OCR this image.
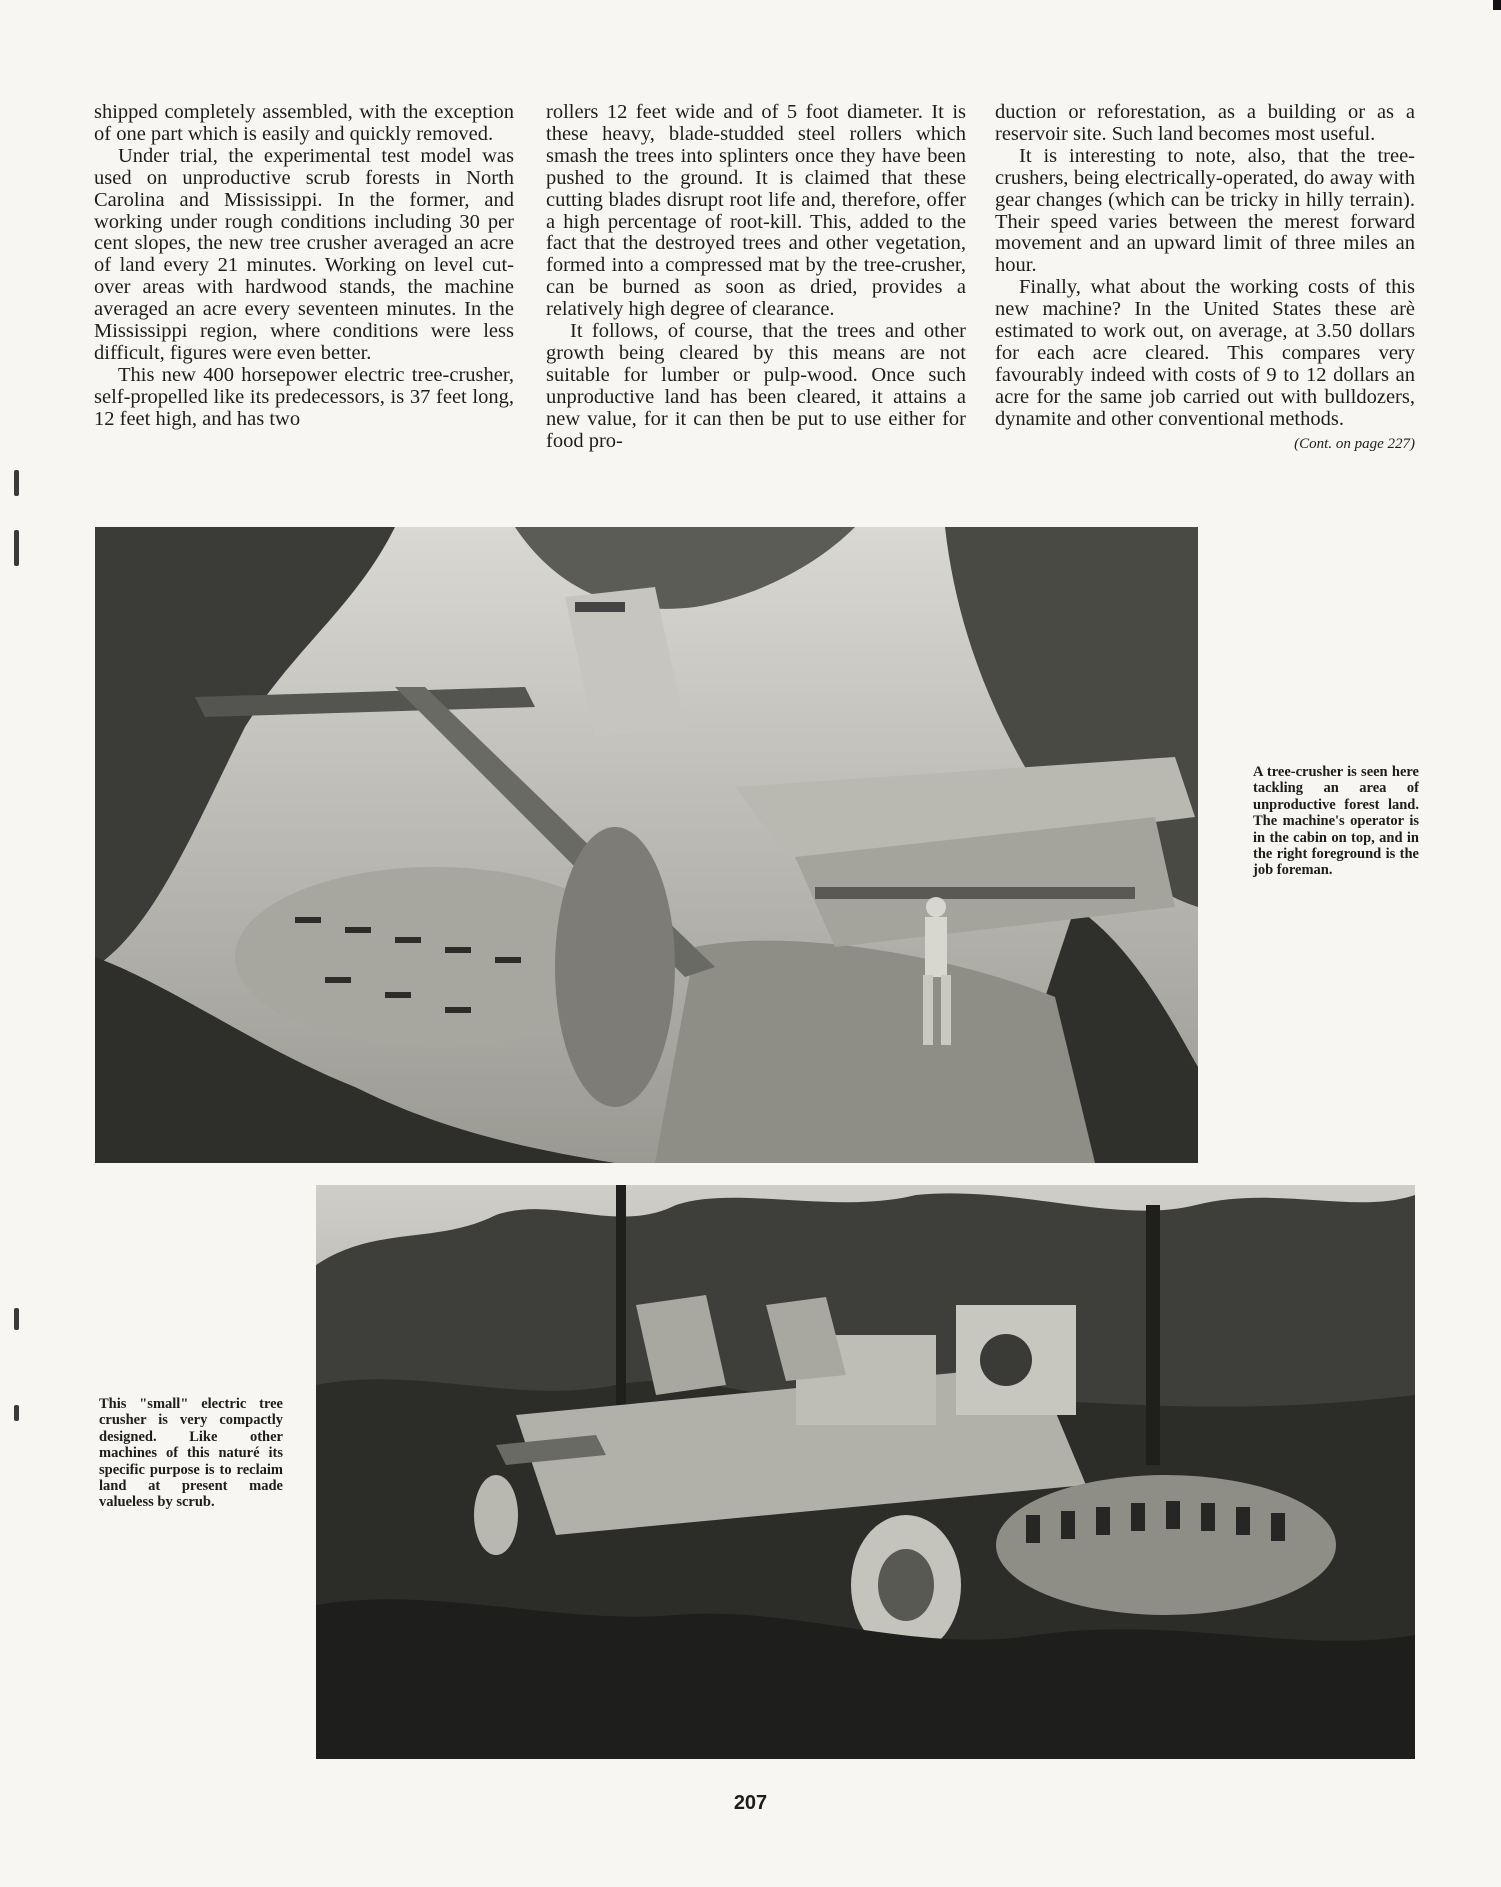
shipped completely assembled, with the exception of one part which is easily and quickly removed.

Under trial, the experimental test model was used on unproductive scrub forests in North Carolina and Mississippi. In the former, and working under rough conditions including 30 per cent slopes, the new tree crusher averaged an acre of land every 21 minutes. Working on level cut-over areas with hardwood stands, the machine averaged an acre every seventeen minutes. In the Mississippi region, where conditions were less difficult, figures were even better.

This new 400 horsepower electric tree-crusher, self-propelled like its predecessors, is 37 feet long, 12 feet high, and has two

rollers 12 feet wide and of 5 foot diameter. It is these heavy, blade-studded steel rollers which smash the trees into splinters once they have been pushed to the ground. It is claimed that these cutting blades disrupt root life and, therefore, offer a high percentage of root-kill. This, added to the fact that the destroyed trees and other vegetation, formed into a compressed mat by the tree-crusher, can be burned as soon as dried, provides a relatively high degree of clearance.

It follows, of course, that the trees and other growth being cleared by this means are not suitable for lumber or pulp-wood. Once such unproductive land has been cleared, it attains a new value, for it can then be put to use either for food pro-

duction or reforestation, as a building or as a reservoir site. Such land becomes most useful.

It is interesting to note, also, that the tree-crushers, being electrically-operated, do away with gear changes (which can be tricky in hilly terrain). Their speed varies between the merest forward movement and an upward limit of three miles an hour.

Finally, what about the working costs of this new machine? In the United States these arè estimated to work out, on average, at 3.50 dollars for each acre cleared. This compares very favourably indeed with costs of 9 to 12 dollars an acre for the same job carried out with bulldozers, dynamite and other conventional methods.

(Cont. on page 227)
A tree-crusher is seen here tackling an area of unproductive forest land. The machine's operator is in the cabin on top, and in the right foreground is the job foreman.
This "small" electric tree crusher is very compactly designed. Like other machines of this naturé its specific purpose is to reclaim land at present made valueless by scrub.
207
